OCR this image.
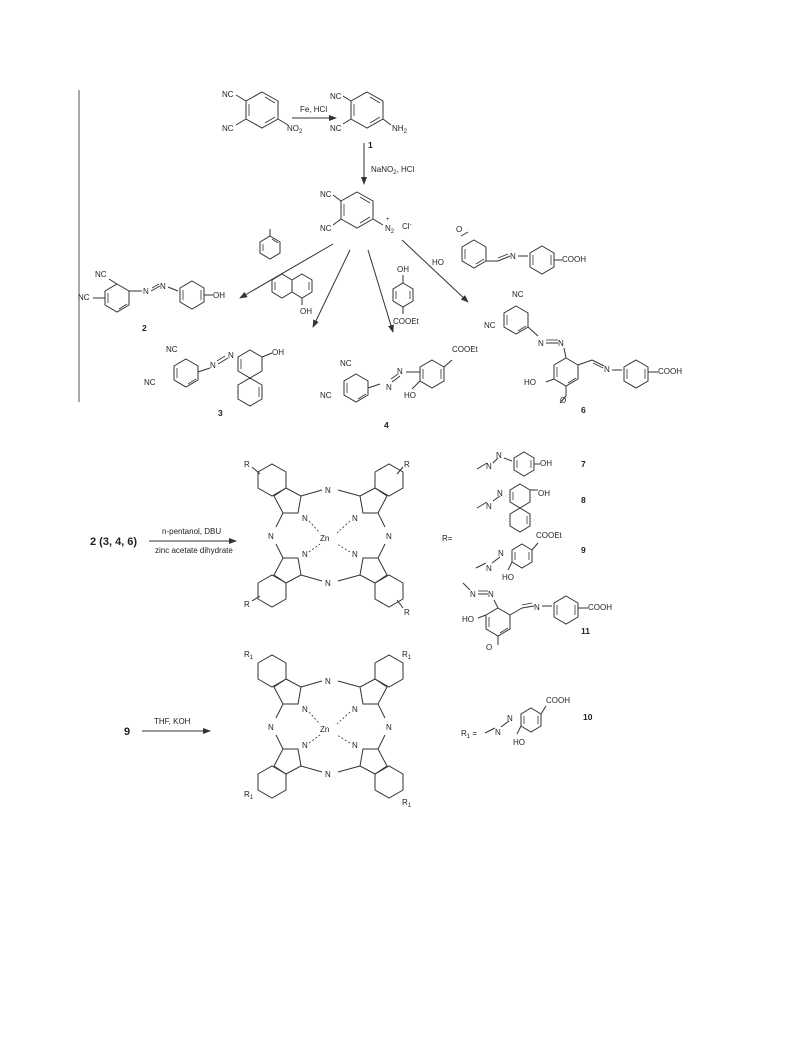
NC
NC	$NO_2$
Fe, HCl
NC
NC	$NH_2$
1
NaNO$_2$, HCl
NC
NC
+
$N_2$
Cl-
OH
OH
COOEt
O
HO
N	COOH
NC
NC
N
N
OH
2
NC
NC
N
N	OH
3
NC
NC
N
N
COOEt
HO
4
NC
NC
N N
HO
O
N	COOH
6
2 (3, 4, 6)
n-pentanol, DBU
zinc acetate dihydrate
N
N
N	N
N	N
N	N
Zn
R	R
R
R
R=
N
N
OH	7
N
N	OH
8
N
N
COOEt
HO
9
N N
HO
O
N	COOH
11
9
THF, KOH
N
N
N	N
N	N
N	N
Zn
$R_1$	$R_1$
$R_1$	$R_1$
$R_1 = N$
N
COOH
HO
10
